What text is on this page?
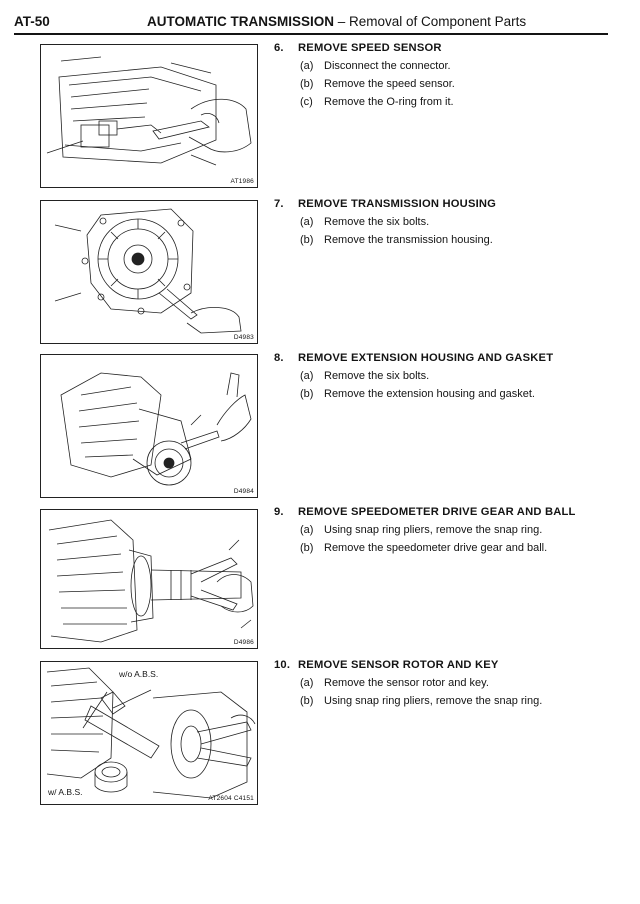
AT-50	AUTOMATIC TRANSMISSION – Removal of Component Parts
AT1986
D4983
D4984
D4986
w/o A.B.S.
w/ A.B.S.
AT2604 C4151
6. REMOVE SPEED SENSOR
(a) Disconnect the connector.
(b) Remove the speed sensor.
(c) Remove the O-ring from it.
7. REMOVE TRANSMISSION HOUSING
(a) Remove the six bolts.
(b) Remove the transmission housing.
8. REMOVE EXTENSION HOUSING AND GASKET
(a) Remove the six bolts.
(b) Remove the extension housing and gasket.
9. REMOVE SPEEDOMETER DRIVE GEAR AND BALL
(a) Using snap ring pliers, remove the snap ring.
(b) Remove the speedometer drive gear and ball.
10. REMOVE SENSOR ROTOR AND KEY
(a) Remove the sensor rotor and key.
(b) Using snap ring pliers, remove the snap ring.
